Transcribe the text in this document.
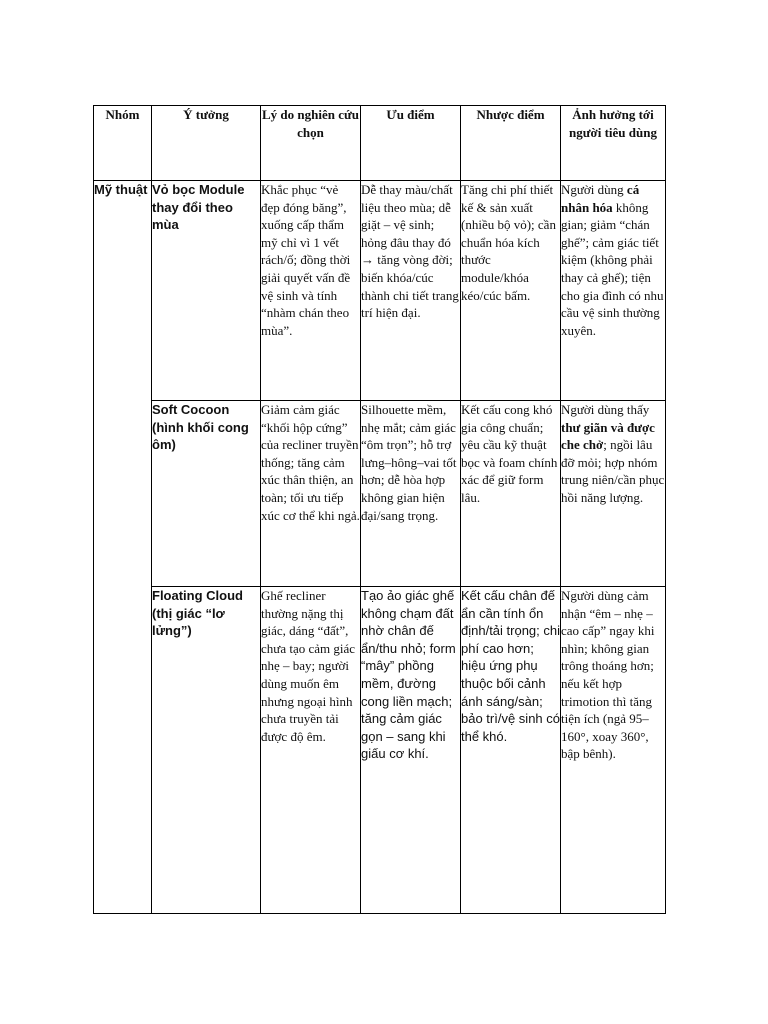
Nhóm	Ý tưởng	Lý do nghiên cứu chọn	Ưu điểm	Nhược điểm	Ảnh hưởng tới người tiêu dùng
Mỹ thuật	Vỏ bọc Module thay đổi theo mùa	Khắc phục “vẻ đẹp đóng băng”, xuống cấp thẩm mỹ chỉ vì 1 vết rách/ố; đồng thời giải quyết vấn đề vệ sinh và tính “nhàm chán theo mùa”.	Dễ thay màu/chất liệu theo mùa; dễ giặt – vệ sinh; hỏng đâu thay đó → tăng vòng đời; biến khóa/cúc thành chi tiết trang trí hiện đại.	Tăng chi phí thiết kế & sản xuất (nhiều bộ vỏ); cần chuẩn hóa kích thước module/khóa kéo/cúc bấm.	Người dùng cá nhân hóa không gian; giảm “chán ghế”; cảm giác tiết kiệm (không phải thay cả ghế); tiện cho gia đình có nhu cầu vệ sinh thường xuyên.
	Soft Cocoon (hình khối cong ôm)	Giảm cảm giác “khối hộp cứng” của recliner truyền thống; tăng cảm xúc thân thiện, an toàn; tối ưu tiếp xúc cơ thể khi ngả.	Silhouette mềm, nhẹ mắt; cảm giác “ôm trọn”; hỗ trợ lưng–hông–vai tốt hơn; dễ hòa hợp không gian hiện đại/sang trọng.	Kết cấu cong khó gia công chuẩn; yêu cầu kỹ thuật bọc và foam chính xác để giữ form lâu.	Người dùng thấy thư giãn và được che chở; ngồi lâu đỡ mỏi; hợp nhóm trung niên/cần phục hồi năng lượng.
	Floating Cloud (thị giác “lơ lửng”)	Ghế recliner thường nặng thị giác, dáng “đất”, chưa tạo cảm giác nhẹ – bay; người dùng muốn êm nhưng ngoại hình chưa truyền tải được độ êm.	Tạo ảo giác ghế không chạm đất nhờ chân đế ẩn/thu nhỏ; form “mây” phồng mềm, đường cong liền mạch; tăng cảm giác gọn – sang khi giấu cơ khí.	Kết cấu chân đế ẩn cần tính ổn định/tải trọng; chi phí cao hơn; hiệu ứng phụ thuộc bối cảnh ánh sáng/sàn; bảo trì/vệ sinh có thể khó.	Người dùng cảm nhận “êm – nhẹ – cao cấp” ngay khi nhìn; không gian trông thoáng hơn; nếu kết hợp trimotion thì tăng tiện ích (ngả 95–160°, xoay 360°, bập bênh).
